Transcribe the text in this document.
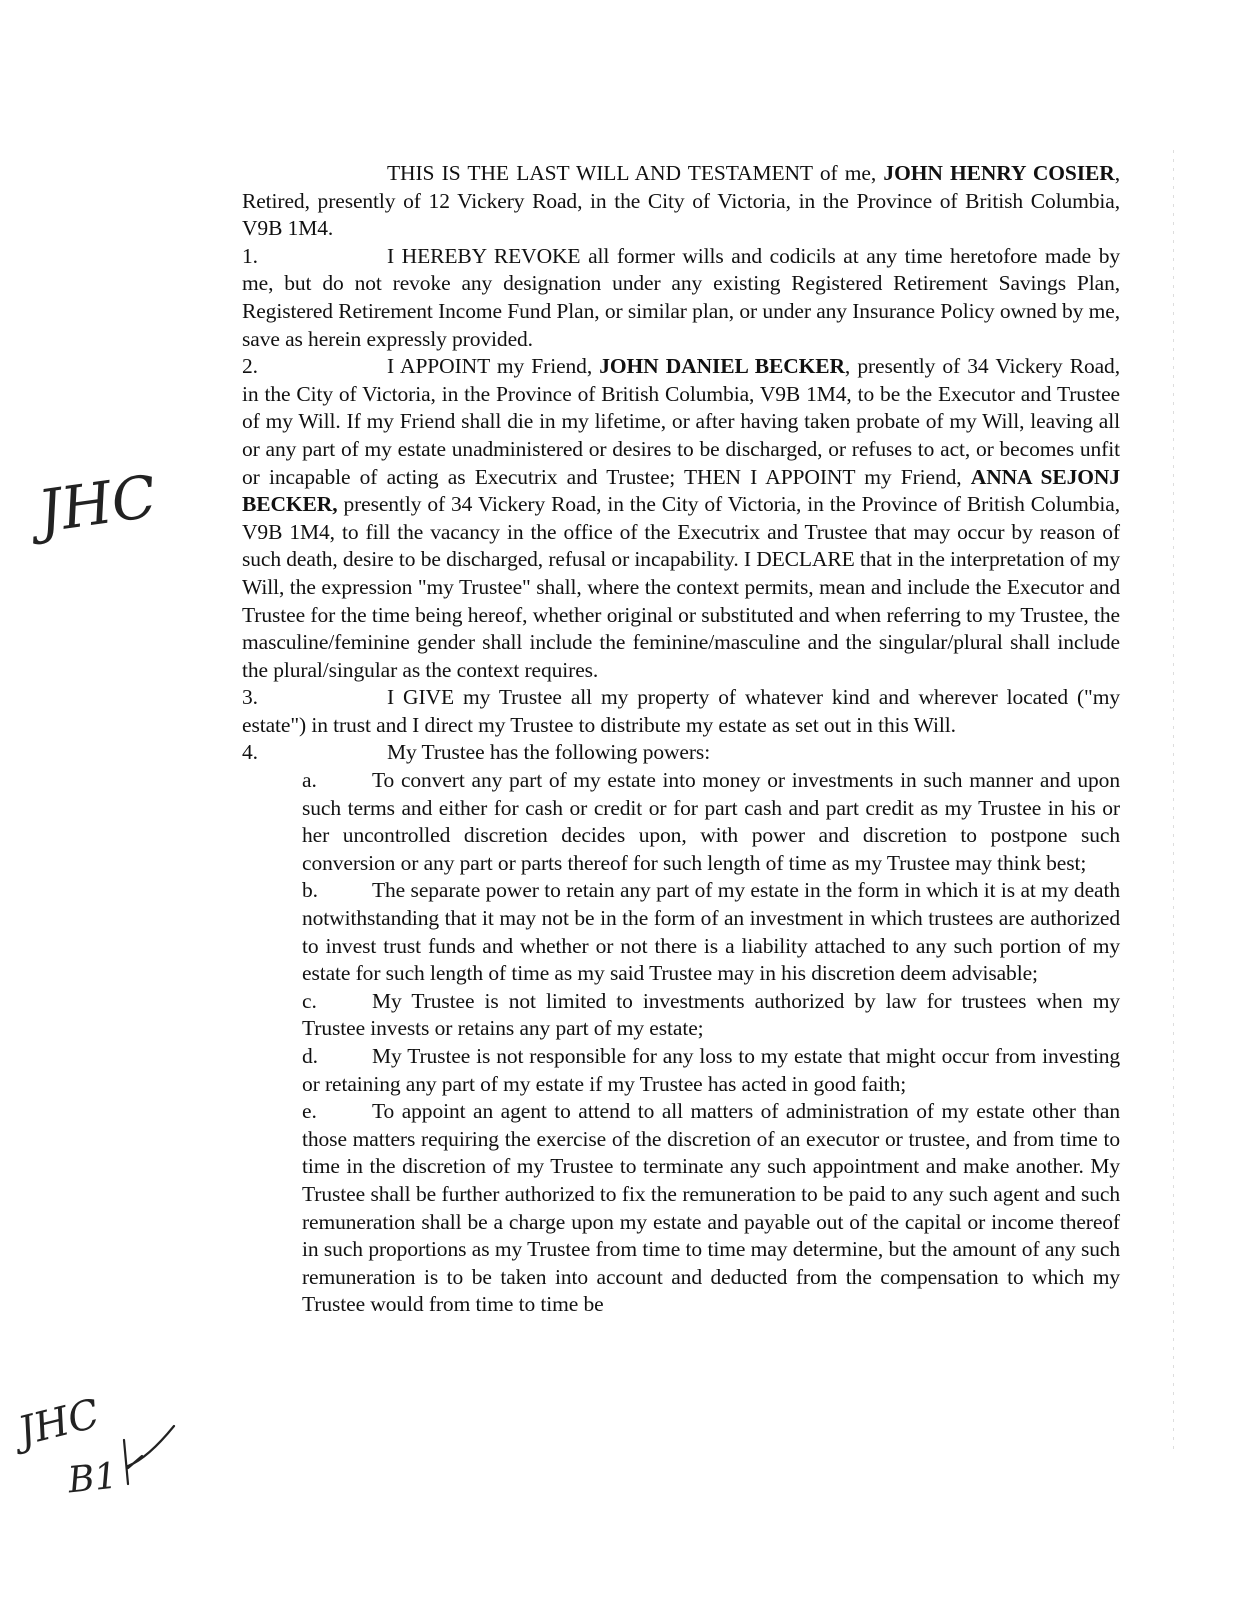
THIS IS THE LAST WILL AND TESTAMENT of me, JOHN HENRY COSIER, Retired, presently of 12 Vickery Road, in the City of Victoria, in the Province of British Columbia, V9B 1M4.

1.	I HEREBY REVOKE all former wills and codicils at any time heretofore made by me, but do not revoke any designation under any existing Registered Retirement Savings Plan, Registered Retirement Income Fund Plan, or similar plan, or under any Insurance Policy owned by me, save as herein expressly provided.

2.	I APPOINT my Friend, JOHN DANIEL BECKER, presently of 34 Vickery Road, in the City of Victoria, in the Province of British Columbia, V9B 1M4, to be the Executor and Trustee of my Will. If my Friend shall die in my lifetime, or after having taken probate of my Will, leaving all or any part of my estate unadministered or desires to be discharged, or refuses to act, or becomes unfit or incapable of acting as Executrix and Trustee; THEN I APPOINT my Friend, ANNA SEJONJ BECKER, presently of 34 Vickery Road, in the City of Victoria, in the Province of British Columbia, V9B 1M4, to fill the vacancy in the office of the Executrix and Trustee that may occur by reason of such death, desire to be discharged, refusal or incapability. I DECLARE that in the interpretation of my Will, the expression "my Trustee" shall, where the context permits, mean and include the Executor and Trustee for the time being hereof, whether original or substituted and when referring to my Trustee, the masculine/feminine gender shall include the feminine/masculine and the singular/plural shall include the plural/singular as the context requires.

3.	I GIVE my Trustee all my property of whatever kind and wherever located ("my estate") in trust and I direct my Trustee to distribute my estate as set out in this Will.

4.	My Trustee has the following powers:

a.	To convert any part of my estate into money or investments in such manner and upon such terms and either for cash or credit or for part cash and part credit as my Trustee in his or her uncontrolled discretion decides upon, with power and discretion to postpone such conversion or any part or parts thereof for such length of time as my Trustee may think best;

b.	The separate power to retain any part of my estate in the form in which it is at my death notwithstanding that it may not be in the form of an investment in which trustees are authorized to invest trust funds and whether or not there is a liability attached to any such portion of my estate for such length of time as my said Trustee may in his discretion deem advisable;

c.	My Trustee is not limited to investments authorized by law for trustees when my Trustee invests or retains any part of my estate;

d.	My Trustee is not responsible for any loss to my estate that might occur from investing or retaining any part of my estate if my Trustee has acted in good faith;

e.	To appoint an agent to attend to all matters of administration of my estate other than those matters requiring the exercise of the discretion of an executor or trustee, and from time to time in the discretion of my Trustee to terminate any such appointment and make another. My Trustee shall be further authorized to fix the remuneration to be paid to any such agent and such remuneration shall be a charge upon my estate and payable out of the capital or income thereof in such proportions as my Trustee from time to time may determine, but the amount of any such remuneration is to be taken into account and deducted from the compensation to which my Trustee would from time to time be

JHC
JHC
B1
